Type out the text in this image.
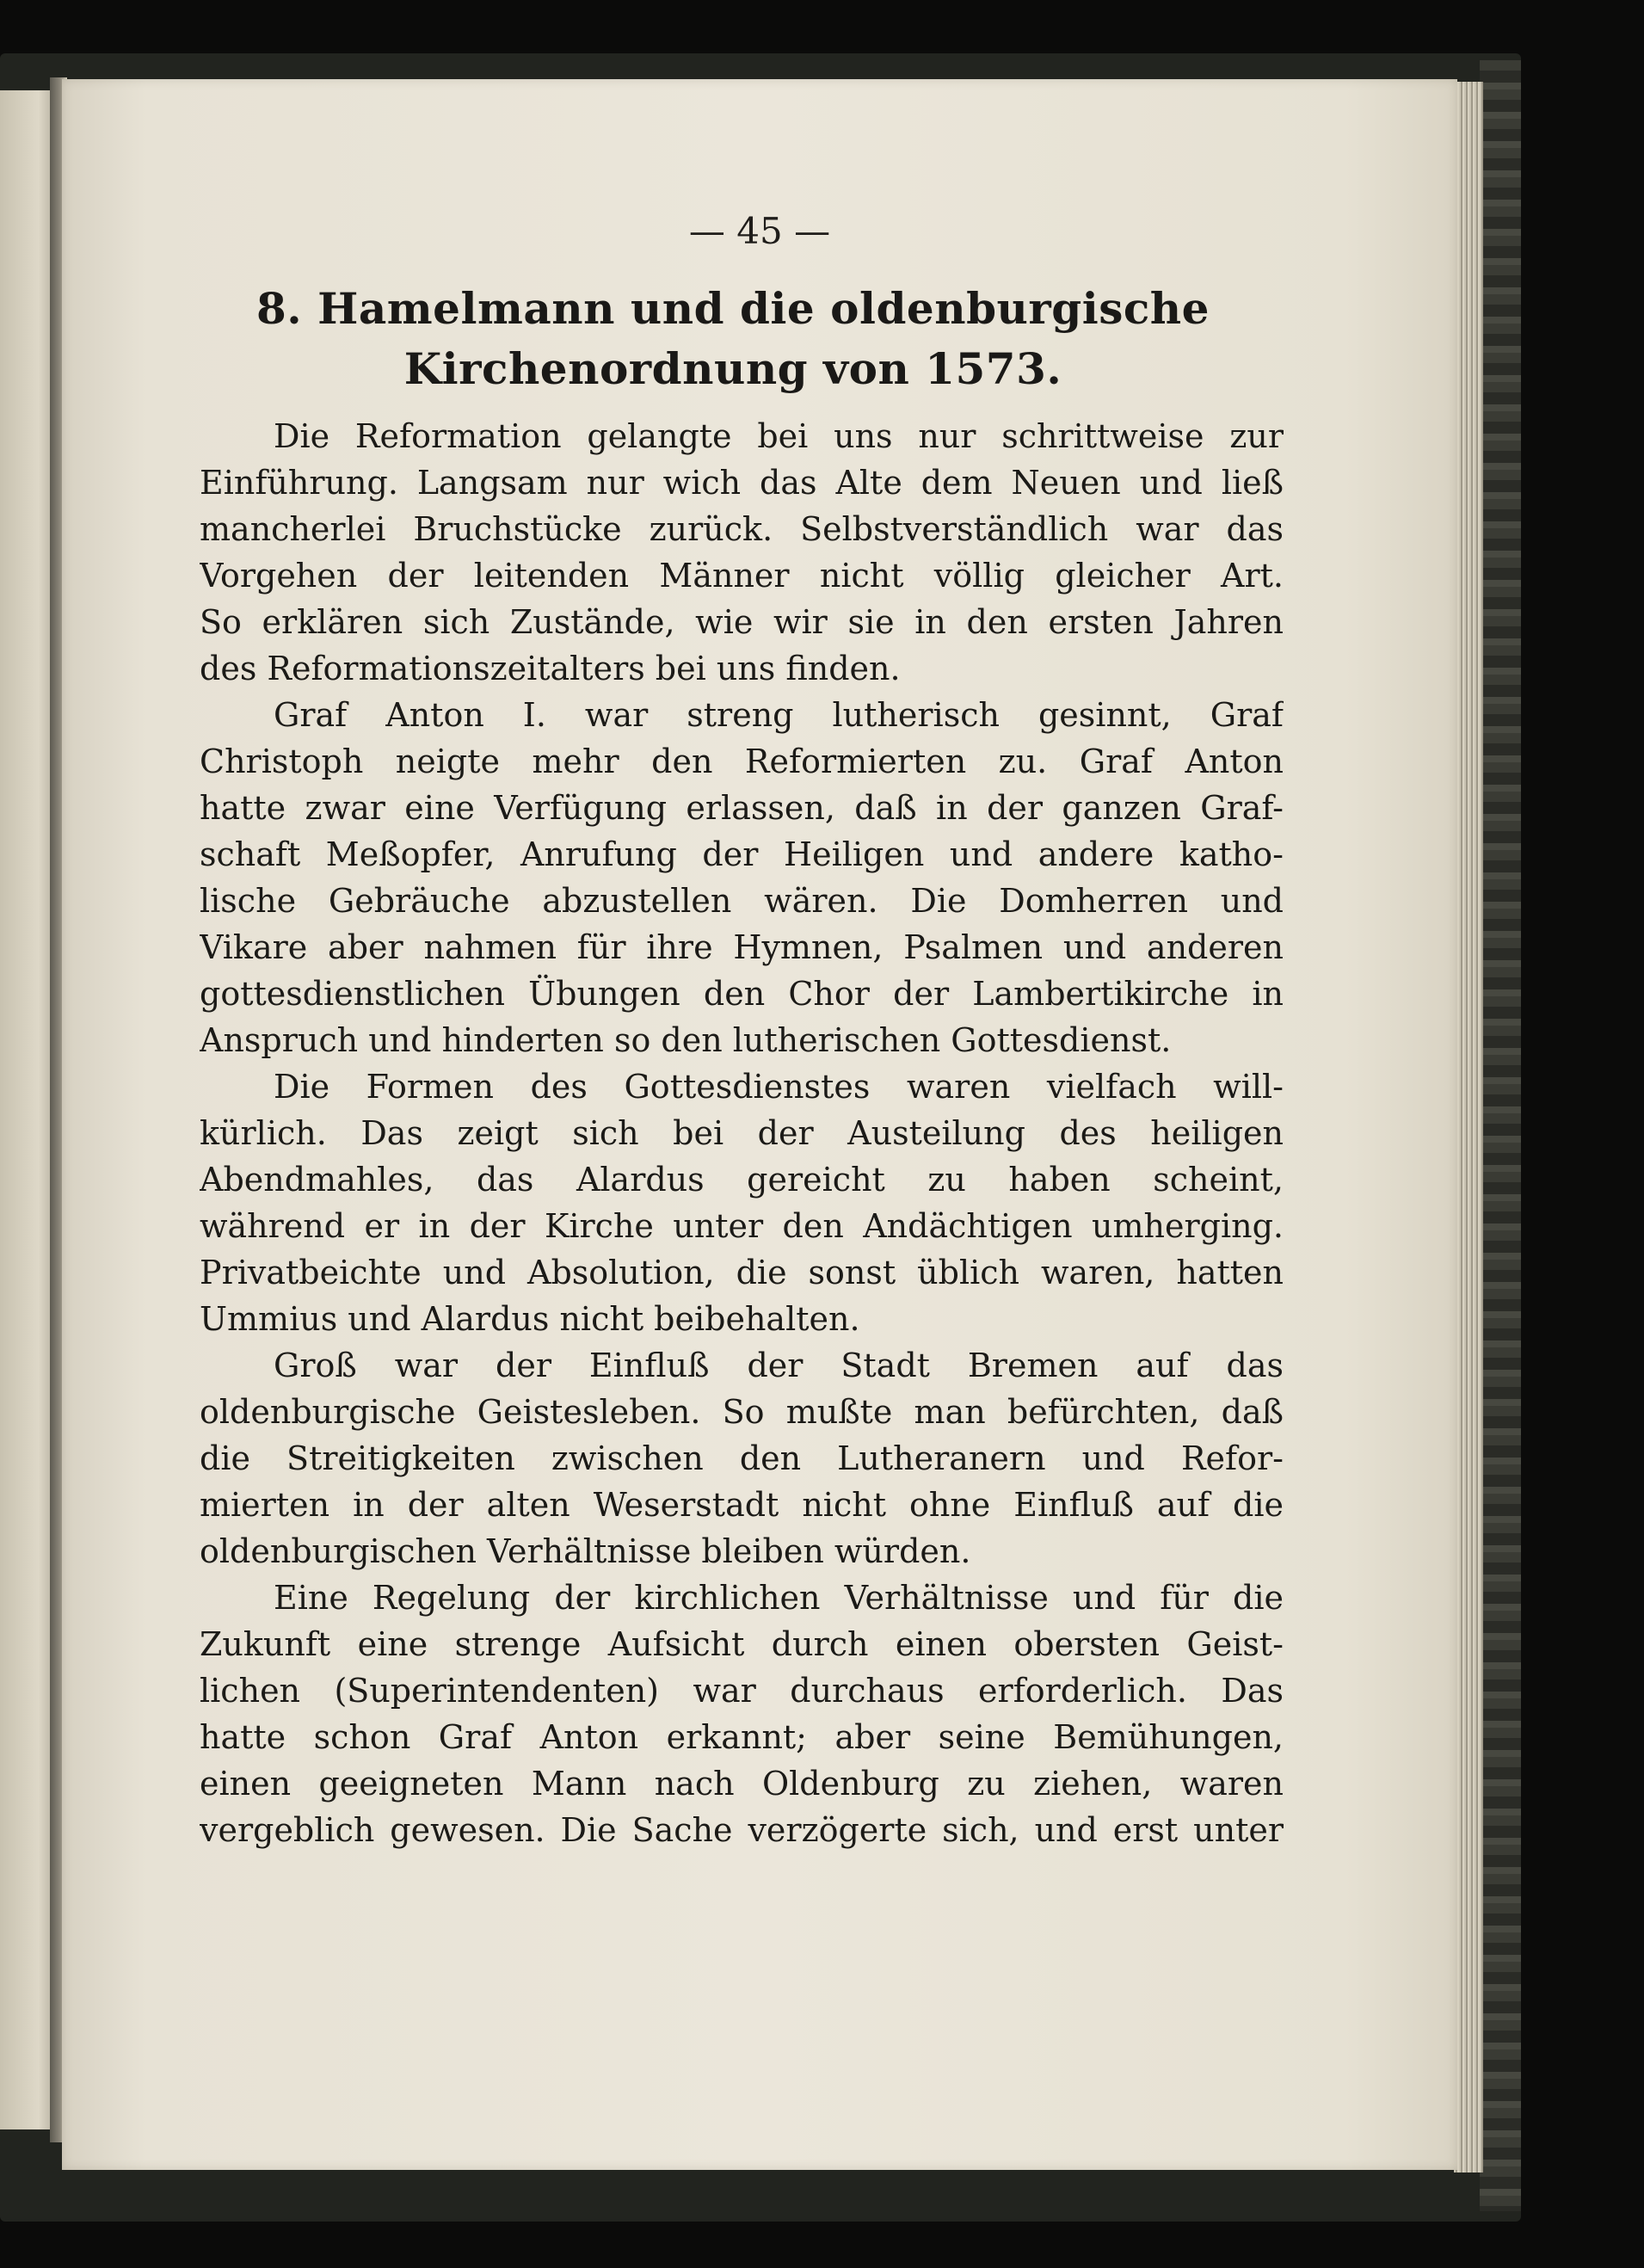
— 45 —
8. Hamelmann und die oldenburgische
Kirchenordnung von 1573.
Die Reformation gelangte bei uns nur schrittweise zur
Einführung. Langsam nur wich das Alte dem Neuen und ließ
mancherlei Bruchstücke zurück. Selbstverständlich war das
Vorgehen der leitenden Männer nicht völlig gleicher Art.
So erklären sich Zustände, wie wir sie in den ersten Jahren
des Reformationszeitalters bei uns finden.
Graf Anton I. war streng lutherisch gesinnt, Graf
Christoph neigte mehr den Reformierten zu. Graf Anton
hatte zwar eine Verfügung erlassen, daß in der ganzen Graf-
schaft Meßopfer, Anrufung der Heiligen und andere katho-
lische Gebräuche abzustellen wären. Die Domherren und
Vikare aber nahmen für ihre Hymnen, Psalmen und anderen
gottesdienstlichen Übungen den Chor der Lambertikirche in
Anspruch und hinderten so den lutherischen Gottesdienst.
Die Formen des Gottesdienstes waren vielfach will-
kürlich. Das zeigt sich bei der Austeilung des heiligen
Abendmahles, das Alardus gereicht zu haben scheint,
während er in der Kirche unter den Andächtigen umherging.
Privatbeichte und Absolution, die sonst üblich waren, hatten
Ummius und Alardus nicht beibehalten.
Groß war der Einfluß der Stadt Bremen auf das
oldenburgische Geistesleben. So mußte man befürchten, daß
die Streitigkeiten zwischen den Lutheranern und Refor-
mierten in der alten Weserstadt nicht ohne Einfluß auf die
oldenburgischen Verhältnisse bleiben würden.
Eine Regelung der kirchlichen Verhältnisse und für die
Zukunft eine strenge Aufsicht durch einen obersten Geist-
lichen (Superintendenten) war durchaus erforderlich. Das
hatte schon Graf Anton erkannt; aber seine Bemühungen,
einen geeigneten Mann nach Oldenburg zu ziehen, waren
vergeblich gewesen. Die Sache verzögerte sich, und erst unter
